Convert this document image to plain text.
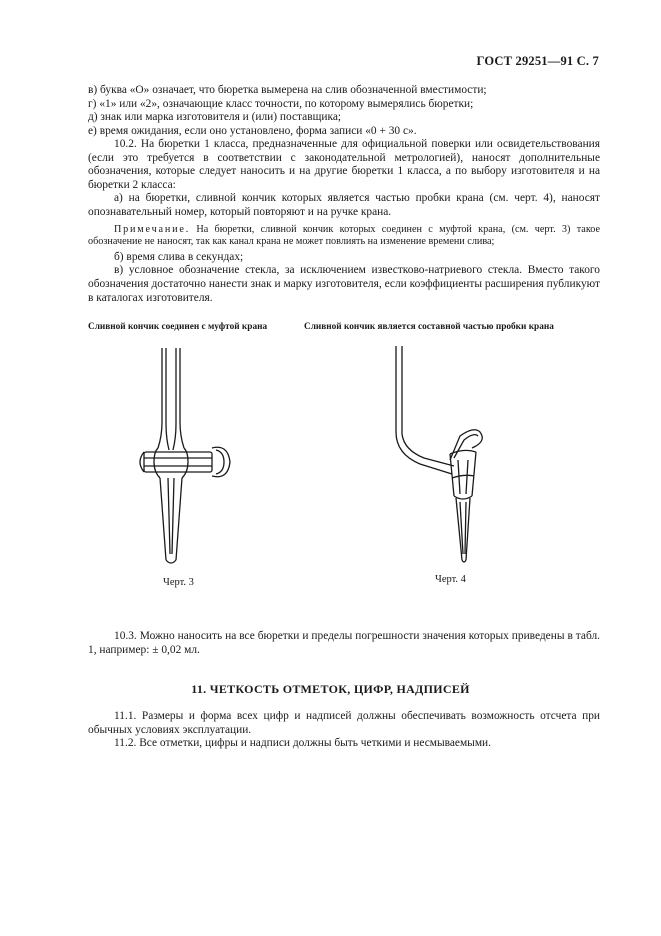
ГОСТ 29251—91 С. 7

в) буква «О» означает, что бюретка вымерена на слив обозначенной вместимости;

г) «1» или «2», означающие класс точности, по которому вымерялись бюретки;

д) знак или марка изготовителя и (или) поставщика;

е) время ожидания, если оно установлено, форма записи «0 + 30 с».

10.2. На бюретки 1 класса, предназначенные для официальной поверки или освидетельствования (если это требуется в соответствии с законодательной метрологией), наносят дополнительные обозначения, которые следует наносить и на другие бюретки 1 класса, а по выбору изготовителя и на бюретки 2 класса:

а) на бюретки, сливной кончик которых является частью пробки крана (см. черт. 4), наносят опознавательный номер, который повторяют и на ручке крана.

Примечание. На бюретки, сливной кончик которых соединен с муфтой крана, (см. черт. 3) такое обозначение не наносят, так как канал крана не может повлиять на изменение времени слива;

б) время слива в секундах;

в) условное обозначение стекла, за исключением известково-натриевого стекла. Вместо такого обозначения достаточно нанести знак и марку изготовителя, если коэффициенты расширения публикуют в каталогах изготовителя.

Сливной кончик соединен с муфтой крана	Сливной кончик является составной частью пробки крана
Черт. 3	Черт. 4

10.3. Можно наносить на все бюретки и пределы погрешности значения которых приведены в табл. 1, например: ± 0,02 мл.

11. ЧЕТКОСТЬ ОТМЕТОК, ЦИФР, НАДПИСЕЙ

11.1. Размеры и форма всех цифр и надписей должны обеспечивать возможность отсчета при обычных условиях эксплуатации.

11.2. Все отметки, цифры и надписи должны быть четкими и несмываемыми.
